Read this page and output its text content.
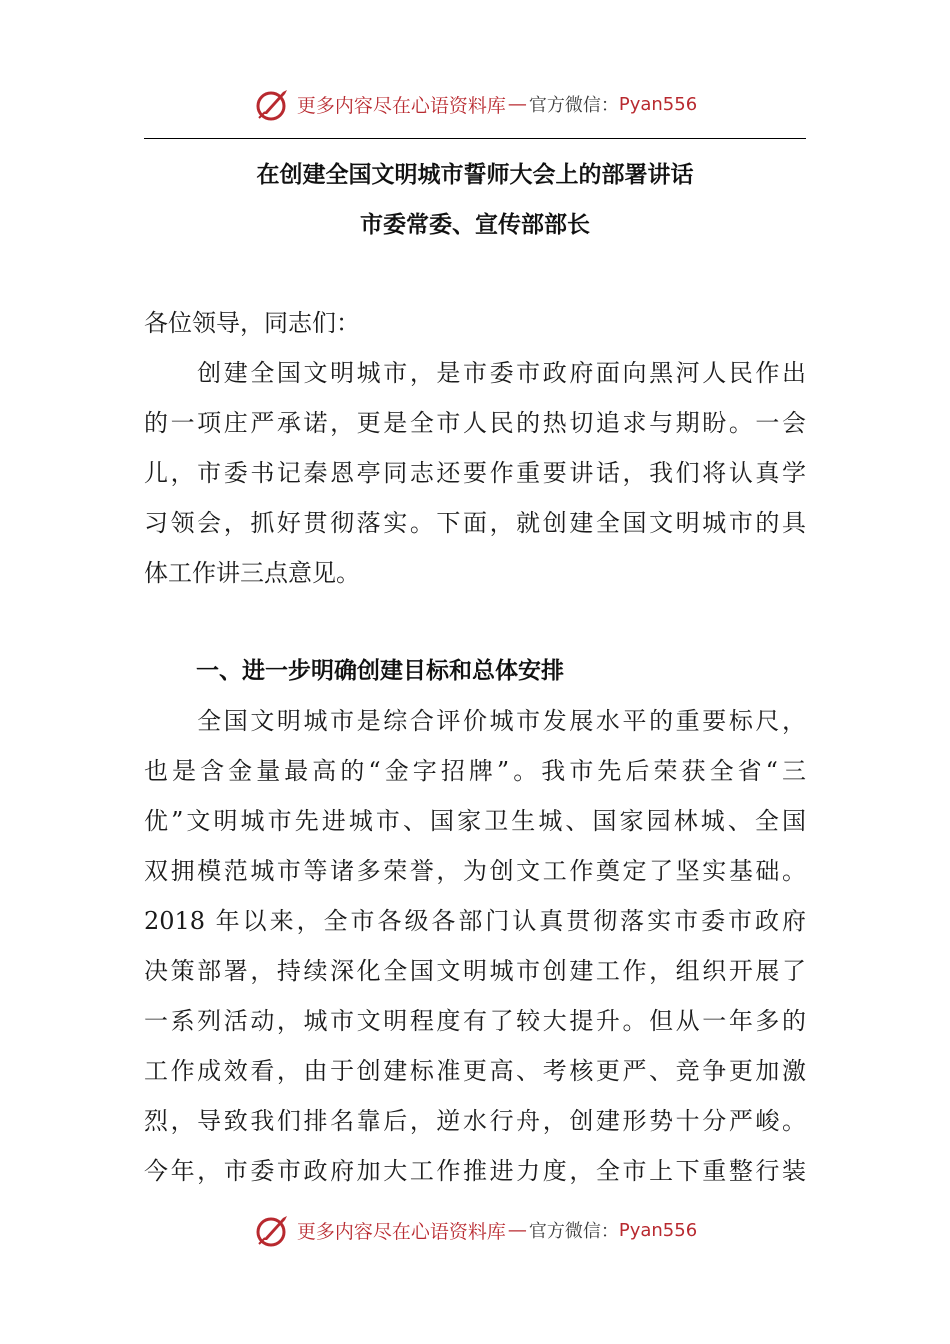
更多内容尽在心语资料库 — 官方微信： Pyan556
在创建全国文明城市誓师大会上的部署讲话
市委常委、宣传部部长
各位领导，同志们：
　　创建全国文明城市，是市委市政府面向黑河人民作出
的一项庄严承诺，更是全市人民的热切追求与期盼。一会
儿，市委书记秦恩亭同志还要作重要讲话，我们将认真学
习领会，抓好贯彻落实。下面，就创建全国文明城市的具
体工作讲三点意见。
一、进一步明确创建目标和总体安排
　　全国文明城市是综合评价城市发展水平的重要标尺，
也是含金量最高的“金字招牌”。我市先后荣获全省“三
优”文明城市先进城市、国家卫生城、国家园林城、全国
双拥模范城市等诸多荣誉，为创文工作奠定了坚实基础。
2018 年以来，全市各级各部门认真贯彻落实市委市政府
决策部署，持续深化全国文明城市创建工作，组织开展了
一系列活动，城市文明程度有了较大提升。但从一年多的
工作成效看，由于创建标准更高、考核更严、竞争更加激
烈，导致我们排名靠后，逆水行舟，创建形势十分严峻。
今年，市委市政府加大工作推进力度，全市上下重整行装
更多内容尽在心语资料库 — 官方微信： Pyan556
